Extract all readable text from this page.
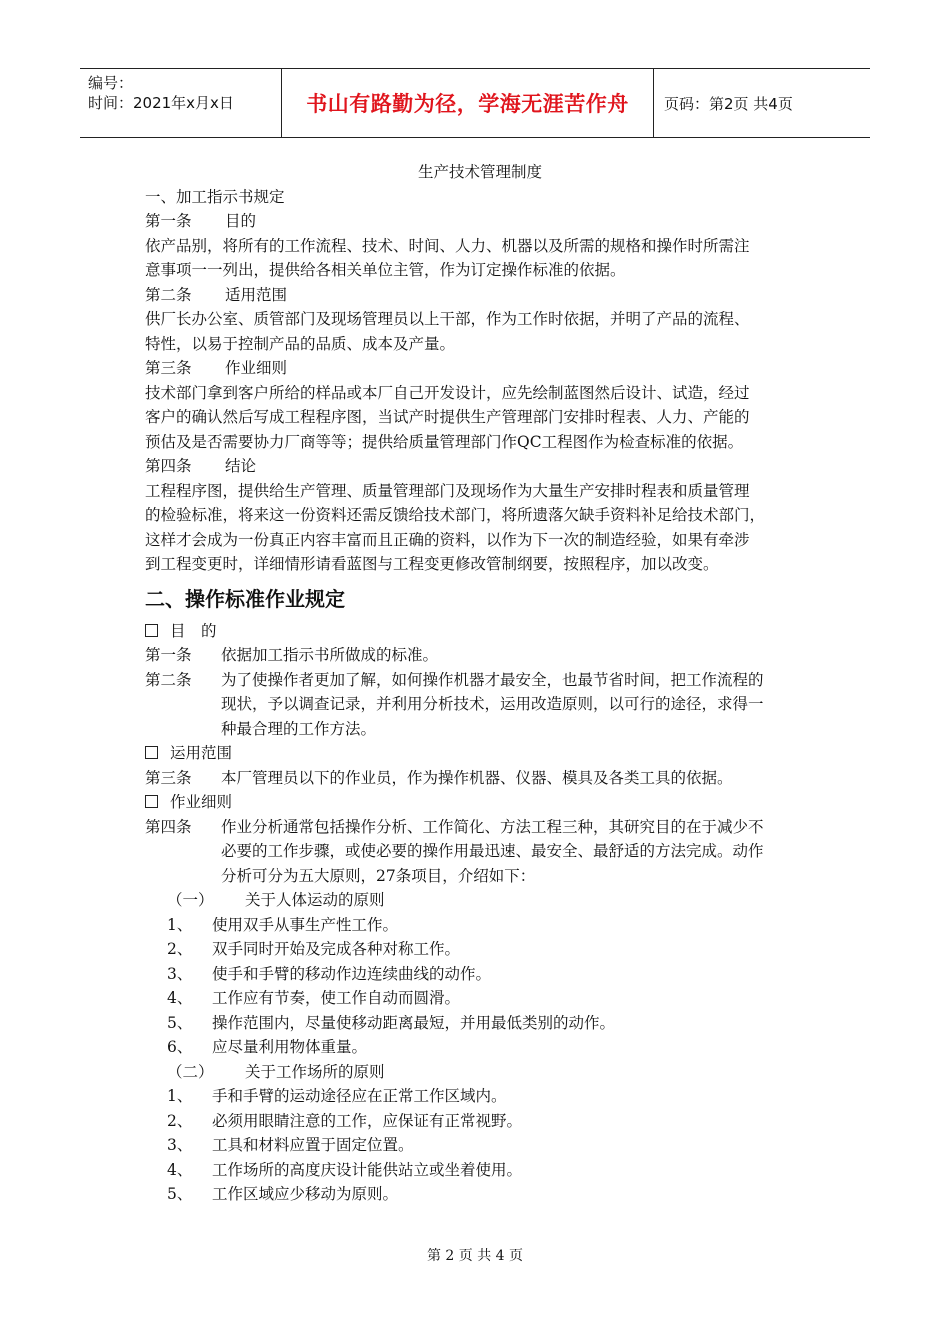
编号：
时间：2021年x月x日	书山有路勤为径，学海无涯苦作舟	页码：第2页 共4页
生产技术管理制度
一、加工指示书规定
第一条 目的
依产品别，将所有的工作流程、技术、时间、人力、机器以及所需的规格和操作时所需注
意事项一一列出，提供给各相关单位主管，作为订定操作标准的依据。
第二条 适用范围
供厂长办公室、质管部门及现场管理员以上干部，作为工作时依据，并明了产品的流程、
特性，以易于控制产品的品质、成本及产量。
第三条 作业细则
技术部门拿到客户所给的样品或本厂自己开发设计，应先绘制蓝图然后设计、试造，经过
客户的确认然后写成工程程序图，当试产时提供生产管理部门安排时程表、人力、产能的
预估及是否需要协力厂商等等；提供给质量管理部门作QC工程图作为检查标准的依据。
第四条 结论
工程程序图，提供给生产管理、质量管理部门及现场作为大量生产安排时程表和质量管理
的检验标准，将来这一份资料还需反馈给技术部门，将所遗落欠缺手资料补足给技术部门，
这样才会成为一份真正内容丰富而且正确的资料，以作为下一次的制造经验，如果有牵涉
到工程变更时，详细情形请看蓝图与工程变更修改管制纲要，按照程序，加以改变。
二、操作标准作业规定
目　的
第一条	依据加工指示书所做成的标准。
第二条	为了使操作者更加了解，如何操作机器才最安全，也最节省时间，把工作流程的
现状，予以调查记录，并利用分析技术，运用改造原则，以可行的途径，求得一
种最合理的工作方法。
运用范围
第三条	本厂管理员以下的作业员，作为操作机器、仪器、模具及各类工具的依据。
作业细则
第四条	作业分析通常包括操作分析、工作简化、方法工程三种，其研究目的在于减少不
必要的工作步骤，或使必要的操作用最迅速、最安全、最舒适的方法完成。动作
分析可分为五大原则，27条项目，介绍如下：
（一） 关于人体运动的原则
1、 使用双手从事生产性工作。
2、 双手同时开始及完成各种对称工作。
3、 使手和手臂的移动作边连续曲线的动作。
4、 工作应有节奏，使工作自动而圆滑。
5、 操作范围内，尽量使移动距离最短，并用最低类别的动作。
6、 应尽量利用物体重量。
（二） 关于工作场所的原则
1、 手和手臂的运动途径应在正常工作区域内。
2、 必须用眼睛注意的工作，应保证有正常视野。
3、 工具和材料应置于固定位置。
4、 工作场所的高度庆设计能供站立或坐着使用。
5、 工作区域应少移动为原则。
第 2 页 共 4 页
